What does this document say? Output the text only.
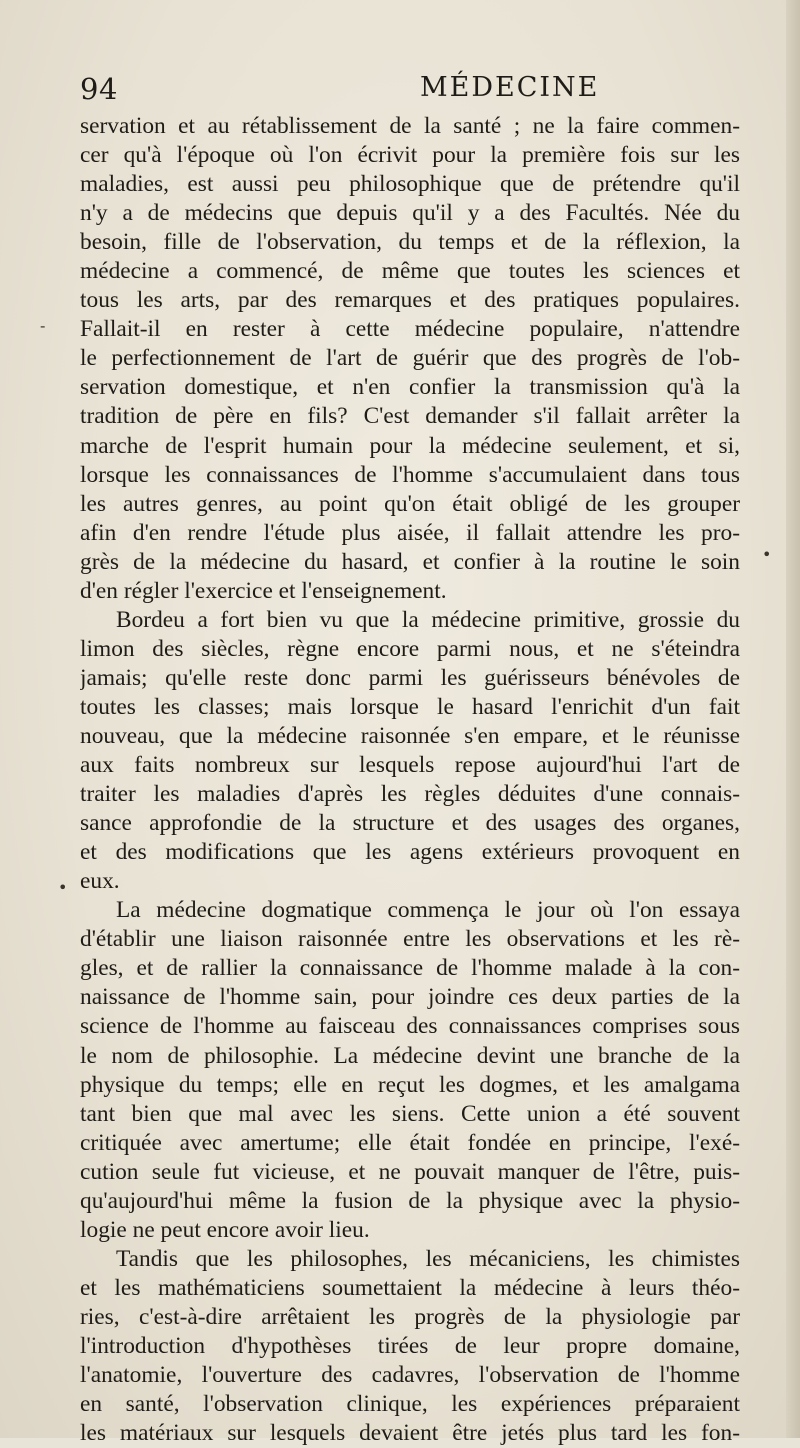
94	MÉDECINE
servation et au rétablissement de la santé ; ne la faire commen-
cer qu'à l'époque où l'on écrivit pour la première fois sur les
maladies, est aussi peu philosophique que de prétendre qu'il
n'y a de médecins que depuis qu'il y a des Facultés. Née du
besoin, fille de l'observation, du temps et de la réflexion, la
médecine a commencé, de même que toutes les sciences et
tous les arts, par des remarques et des pratiques populaires.
Fallait-il en rester à cette médecine populaire, n'attendre
le perfectionnement de l'art de guérir que des progrès de l'ob-
servation domestique, et n'en confier la transmission qu'à la
tradition de père en fils? C'est demander s'il fallait arrêter la
marche de l'esprit humain pour la médecine seulement, et si,
lorsque les connaissances de l'homme s'accumulaient dans tous
les autres genres, au point qu'on était obligé de les grouper
afin d'en rendre l'étude plus aisée, il fallait attendre les pro-
grès de la médecine du hasard, et confier à la routine le soin
d'en régler l'exercice et l'enseignement.
Bordeu a fort bien vu que la médecine primitive, grossie du
limon des siècles, règne encore parmi nous, et ne s'éteindra
jamais; qu'elle reste donc parmi les guérisseurs bénévoles de
toutes les classes; mais lorsque le hasard l'enrichit d'un fait
nouveau, que la médecine raisonnée s'en empare, et le réunisse
aux faits nombreux sur lesquels repose aujourd'hui l'art de
traiter les maladies d'après les règles déduites d'une connais-
sance approfondie de la structure et des usages des organes,
et des modifications que les agens extérieurs provoquent en
eux.
La médecine dogmatique commença le jour où l'on essaya
d'établir une liaison raisonnée entre les observations et les rè-
gles, et de rallier la connaissance de l'homme malade à la con-
naissance de l'homme sain, pour joindre ces deux parties de la
science de l'homme au faisceau des connaissances comprises sous
le nom de philosophie. La médecine devint une branche de la
physique du temps; elle en reçut les dogmes, et les amalgama
tant bien que mal avec les siens. Cette union a été souvent
critiquée avec amertume; elle était fondée en principe, l'exé-
cution seule fut vicieuse, et ne pouvait manquer de l'être, puis-
qu'aujourd'hui même la fusion de la physique avec la physio-
logie ne peut encore avoir lieu.
Tandis que les philosophes, les mécaniciens, les chimistes
et les mathématiciens soumettaient la médecine à leurs théo-
ries, c'est-à-dire arrêtaient les progrès de la physiologie par
l'introduction d'hypothèses tirées de leur propre domaine,
l'anatomie, l'ouverture des cadavres, l'observation de l'homme
en santé, l'observation clinique, les expériences préparaient
les matériaux sur lesquels devaient être jetés plus tard les fon-
-
•
•
